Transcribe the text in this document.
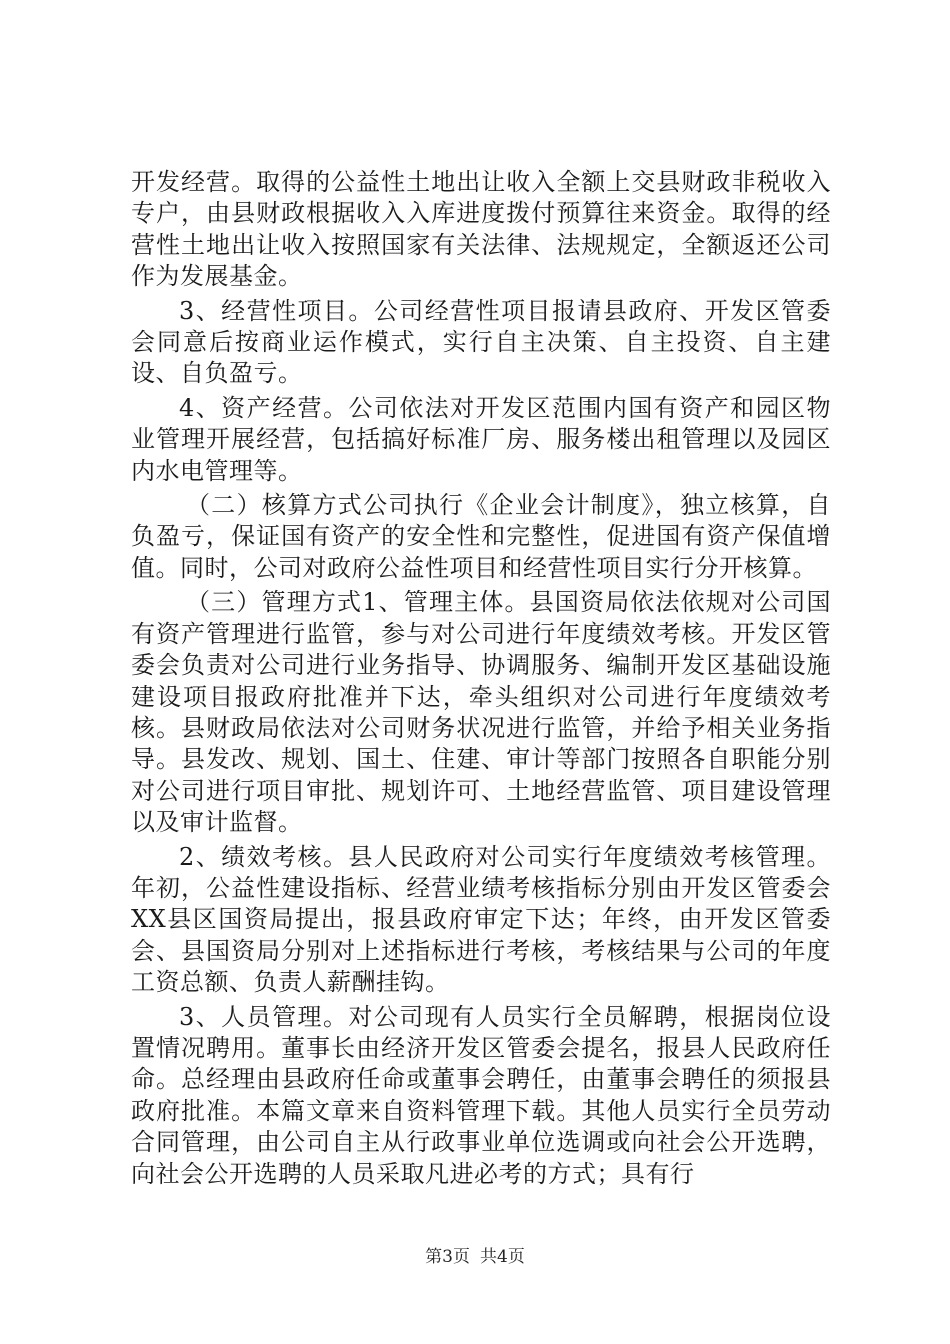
开发经营。取得的公益性土地出让收入全额上交县财政非税收入专户，由县财政根据收入入库进度拨付预算往来资金。取得的经营性土地出让收入按照国家有关法律、法规规定，全额返还公司作为发展基金。

3、经营性项目。公司经营性项目报请县政府、开发区管委会同意后按商业运作模式，实行自主决策、自主投资、自主建设、自负盈亏。

4、资产经营。公司依法对开发区范围内国有资产和园区物业管理开展经营，包括搞好标准厂房、服务楼出租管理以及园区内水电管理等。

（二）核算方式公司执行《企业会计制度》，独立核算，自负盈亏，保证国有资产的安全性和完整性，促进国有资产保值增值。同时，公司对政府公益性项目和经营性项目实行分开核算。

（三）管理方式1、管理主体。县国资局依法依规对公司国有资产管理进行监管，参与对公司进行年度绩效考核。开发区管委会负责对公司进行业务指导、协调服务、编制开发区基础设施建设项目报政府批准并下达，牵头组织对公司进行年度绩效考核。县财政局依法对公司财务状况进行监管，并给予相关业务指导。县发改、规划、国土、住建、审计等部门按照各自职能分别对公司进行项目审批、规划许可、土地经营监管、项目建设管理以及审计监督。

2、绩效考核。县人民政府对公司实行年度绩效考核管理。年初，公益性建设指标、经营业绩考核指标分别由开发区管委会XX县区国资局提出，报县政府审定下达；年终，由开发区管委会、县国资局分别对上述指标进行考核，考核结果与公司的年度工资总额、负责人薪酬挂钩。

3、人员管理。对公司现有人员实行全员解聘，根据岗位设置情况聘用。董事长由经济开发区管委会提名，报县人民政府任命。总经理由县政府任命或董事会聘任，由董事会聘任的须报县政府批准。本篇文章来自资料管理下载。其他人员实行全员劳动合同管理，由公司自主从行政事业单位选调或向社会公开选聘，向社会公开选聘的人员采取凡进必考的方式；具有行

第3页 共4页
